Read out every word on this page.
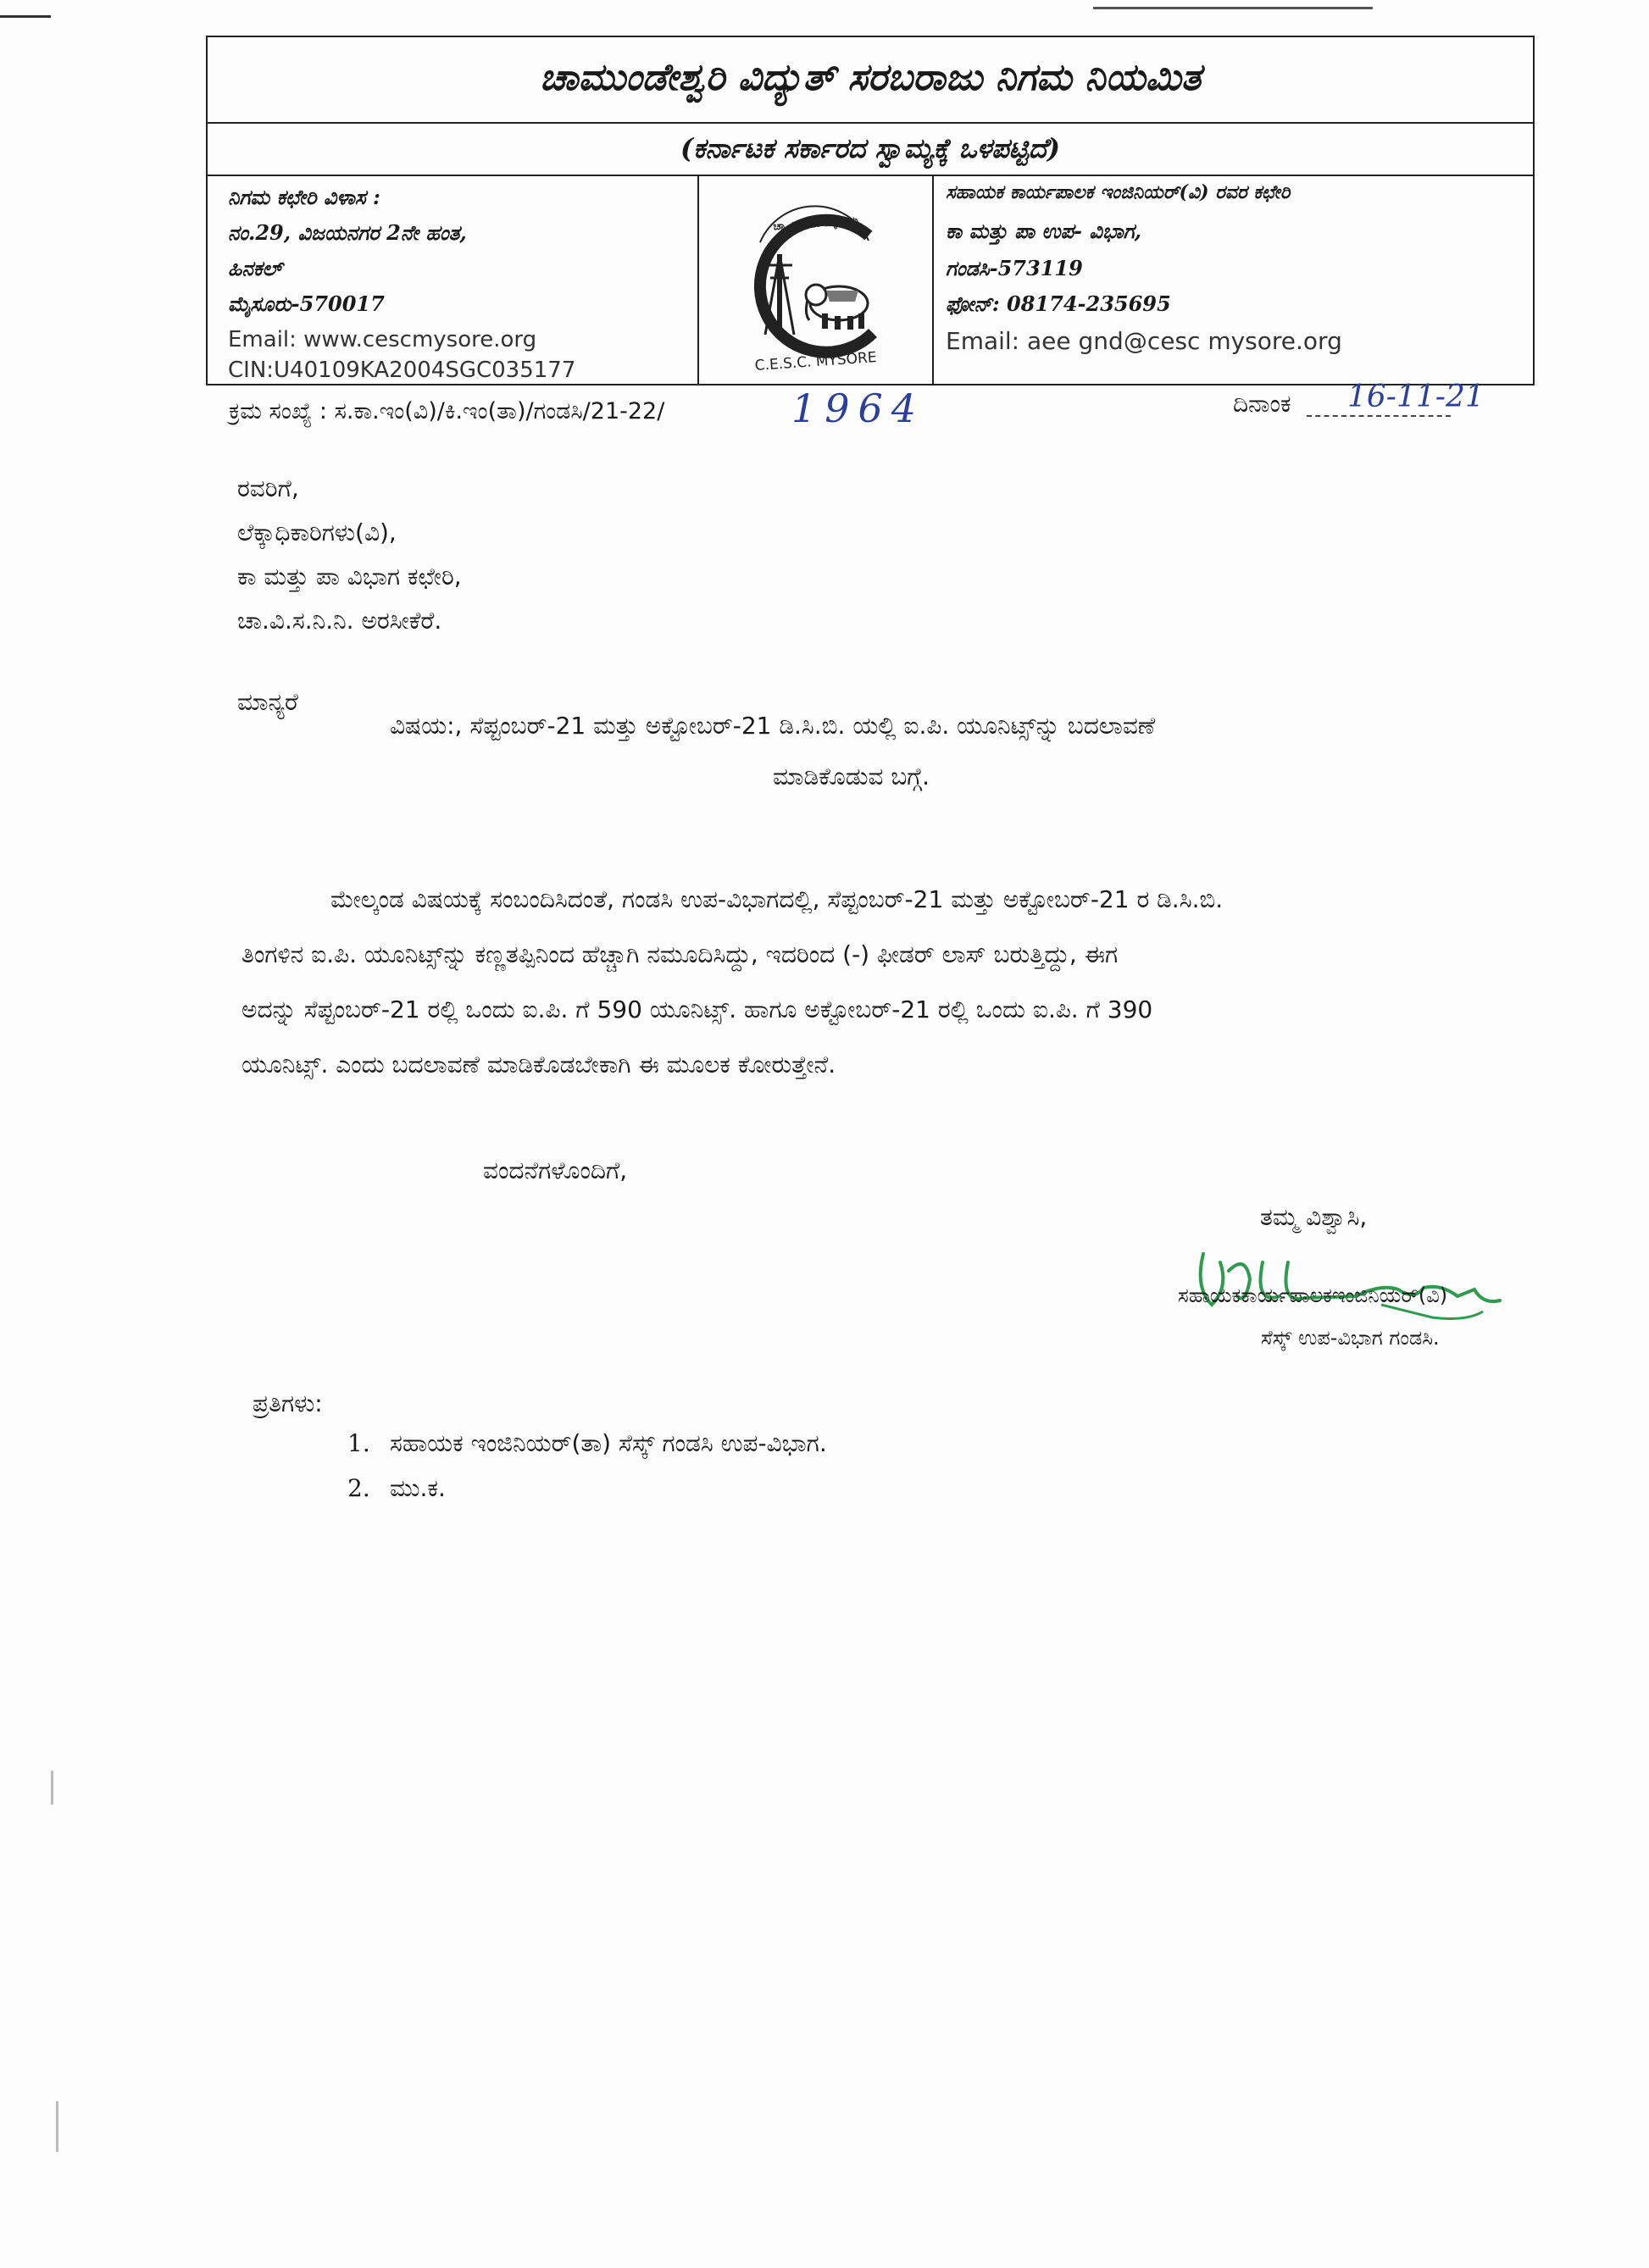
ಚಾಮುಂಡೇಶ್ವರಿ ವಿದ್ಯುತ್ ಸರಬರಾಜು ನಿಗಮ ನಿಯಮಿತ
(ಕರ್ನಾಟಕ ಸರ್ಕಾರದ ಸ್ವಾಮ್ಯಕ್ಕೆ ಒಳಪಟ್ಟಿದೆ)
ನಿಗಮ ಕಛೇರಿ ವಿಳಾಸ :
ನಂ.29, ವಿಜಯನಗರ 2ನೇ ಹಂತ,
ಹಿನಕಲ್
ಮೈಸೂರು-570017
Email: www.cescmysore.org
CIN:U40109KA2004SGC035177
ಚಾ.ವಿ.ಸ.ನಿ. ಮೈಸೂರು
C.E.S.C. MYSORE
ಸಹಾಯಕ ಕಾರ್ಯಪಾಲಕ ಇಂಜಿನಿಯರ್(ವಿ) ರವರ ಕಛೇರಿ
ಕಾ ಮತ್ತು ಪಾ ಉಪ- ವಿಭಾಗ,
ಗಂಡಸಿ-573119
ಫೋನ್: 08174-235695
Email: aee gnd@cesc mysore.org
ಕ್ರಮ ಸಂಖ್ಯೆ : ಸ.ಕಾ.ಇಂ(ವಿ)/ಕಿ.ಇಂ(ತಾ)/ಗಂಡಸಿ/21-22/	1964	ದಿನಾಂಕ 16-11-21
ರವರಿಗೆ,
ಲೆಕ್ಕಾಧಿಕಾರಿಗಳು(ವಿ),
ಕಾ ಮತ್ತು ಪಾ ವಿಭಾಗ ಕಛೇರಿ,
ಚಾ.ವಿ.ಸ.ನಿ.ನಿ. ಅರಸೀಕೆರೆ.
ಮಾನ್ಯರೆ
ವಿಷಯ:, ಸೆಪ್ಟಂಬರ್-21 ಮತ್ತು ಅಕ್ಟೋಬರ್-21 ಡಿ.ಸಿ.ಬಿ. ಯಲ್ಲಿ ಐ.ಪಿ. ಯೂನಿಟ್ಸ್‌ನ್ನು ಬದಲಾವಣೆ
ಮಾಡಿಕೊಡುವ ಬಗ್ಗೆ.
ಮೇಲ್ಕಂಡ ವಿಷಯಕ್ಕೆ ಸಂಬಂದಿಸಿದಂತೆ, ಗಂಡಸಿ ಉಪ-ವಿಭಾಗದಲ್ಲಿ, ಸೆಪ್ಟಂಬರ್-21 ಮತ್ತು ಅಕ್ಟೋಬರ್-21 ರ ಡಿ.ಸಿ.ಬಿ.
ತಿಂಗಳಿನ ಐ.ಪಿ. ಯೂನಿಟ್ಸ್‌ನ್ನು ಕಣ್ಣತಪ್ಪಿನಿಂದ ಹೆಚ್ಚಾಗಿ ನಮೂದಿಸಿದ್ದು, ಇದರಿಂದ (-) ಫೀಡರ್ ಲಾಸ್ ಬರುತ್ತಿದ್ದು, ಈಗ
ಅದನ್ನು ಸೆಪ್ಟಂಬರ್-21 ರಲ್ಲಿ ಒಂದು ಐ.ಪಿ. ಗೆ 590 ಯೂನಿಟ್ಸ್. ಹಾಗೂ ಅಕ್ಟೋಬರ್-21 ರಲ್ಲಿ ಒಂದು ಐ.ಪಿ. ಗೆ 390
ಯೂನಿಟ್ಸ್. ಎಂದು ಬದಲಾವಣೆ ಮಾಡಿಕೊಡಬೇಕಾಗಿ ಈ ಮೂಲಕ ಕೋರುತ್ತೇನೆ.
ವಂದನೆಗಳೊಂದಿಗೆ,
ತಮ್ಮ ವಿಶ್ವಾಸಿ,
ಸಹಾಯಕಕಾರ್ಯಪಾಲಕಇಂಜಿನಿಯರ್(ವಿ)
ಸೆಸ್ಕ್ ಉಪ-ವಿಭಾಗ ಗಂಡಸಿ.
ಪ್ರತಿಗಳು:
1. ಸಹಾಯಕ ಇಂಜಿನಿಯರ್(ತಾ) ಸೆಸ್ಕ್ ಗಂಡಸಿ ಉಪ-ವಿಭಾಗ.
2. ಮು.ಕ.
